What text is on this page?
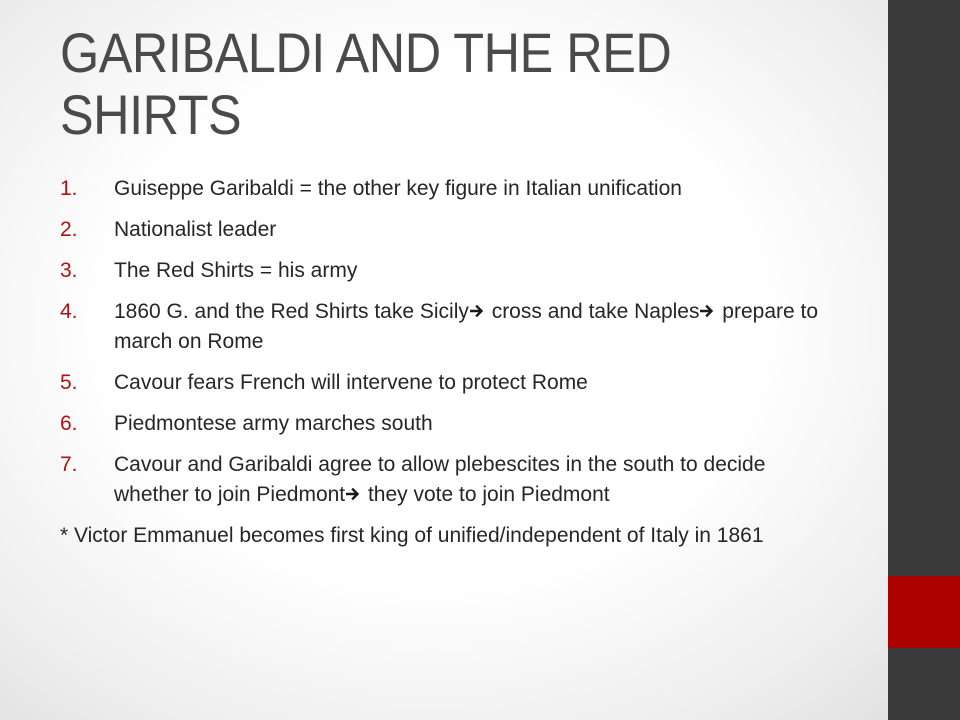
GARIBALDI AND THE RED SHIRTS
1. Guiseppe Garibaldi = the other key figure in Italian unification
2. Nationalist leader
3. The Red Shirts = his army
4. 1860 G. and the Red Shirts take Sicily
cross and take Naples
prepare to march on Rome
5. Cavour fears French will intervene to protect Rome
6. Piedmontese army marches south
7. Cavour and Garibaldi agree to allow plebescites in the south to decide whether to join Piedmont
they vote to join Piedmont

* Victor Emmanuel becomes first king of unified/independent of Italy in 1861
